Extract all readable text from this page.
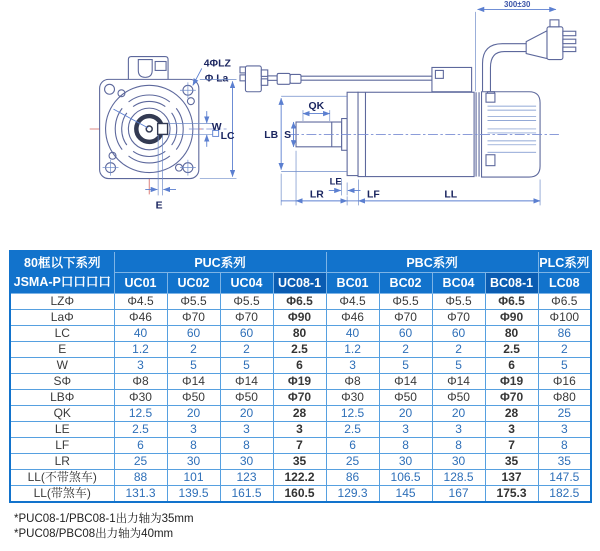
4ΦLZ
Φ La
W
LC
E
LB S
QK
LE
LR	LF	LL
300±30
80框以下系列
JSMA-P口口口口	PUC系列				PBC系列				PLC系列
	UC01	UC02	UC04	UC08-1	BC01	BC02	BC04	BC08-1	LC08
LZΦ	Φ4.5	Φ5.5	Φ5.5	Φ6.5	Φ4.5	Φ5.5	Φ5.5	Φ6.5	Φ6.5
LaΦ	Φ46	Φ70	Φ70	Φ90	Φ46	Φ70	Φ70	Φ90	Φ100
LC	40	60	60	80	40	60	60	80	86
E	1.2	2	2	2.5	1.2	2	2	2.5	2
W	3	5	5	6	3	5	5	6	5
SΦ	Φ8	Φ14	Φ14	Φ19	Φ8	Φ14	Φ14	Φ19	Φ16
LBΦ	Φ30	Φ50	Φ50	Φ70	Φ30	Φ50	Φ50	Φ70	Φ80
QK	12.5	20	20	28	12.5	20	20	28	25
LE	2.5	3	3	3	2.5	3	3	3	3
LF	6	8	8	7	6	8	8	7	8
LR	25	30	30	35	25	30	30	35	35
LL(不带煞车)	88	101	123	122.2	86	106.5	128.5	137	147.5
LL(带煞车)	131.3	139.5	161.5	160.5	129.3	145	167	175.3	182.5
*PUC08-1/PBC08-1出力轴为35mm
*PUC08/PBC08出力轴为40mm
